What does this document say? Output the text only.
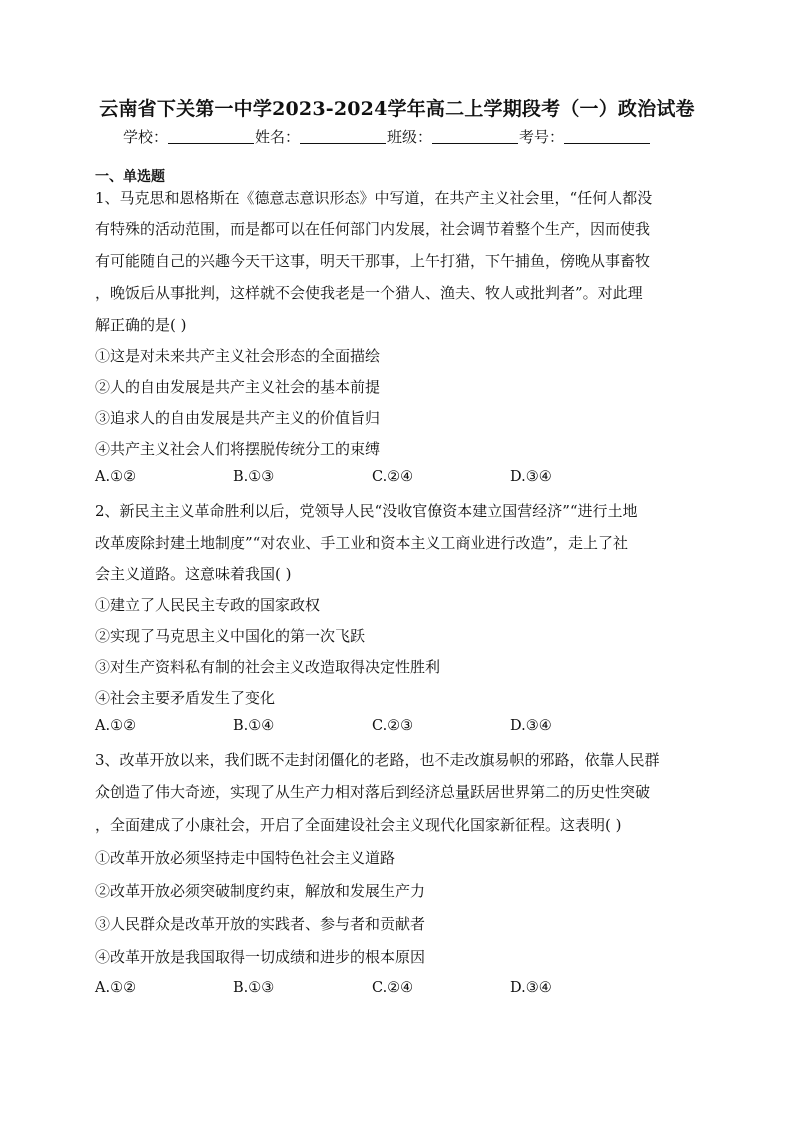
云南省下关第一中学2023-2024学年高二上学期段考（一）政治试卷
学校：	姓名：	班级：	考号：
一、单选题
1、马克思和恩格斯在《德意志意识形态》中写道，在共产主义社会里，“任何人都没
有特殊的活动范围，而是都可以在任何部门内发展，社会调节着整个生产，因而使我
有可能随自己的兴趣今天干这事，明天干那事，上午打猎，下午捕鱼，傍晚从事畜牧
，晚饭后从事批判，这样就不会使我老是一个猎人、渔夫、牧人或批判者”。对此理
解正确的是( )
①这是对未来共产主义社会形态的全面描绘
②人的自由发展是共产主义社会的基本前提
③追求人的自由发展是共产主义的价值旨归
④共产主义社会人们将摆脱传统分工的束缚
A.①②	B.①③	C.②④	D.③④
2、新民主主义革命胜利以后，党领导人民“没收官僚资本建立国营经济”“进行土地
改革废除封建土地制度”“对农业、手工业和资本主义工商业进行改造”，走上了社
会主义道路。这意味着我国( )
①建立了人民民主专政的国家政权
②实现了马克思主义中国化的第一次飞跃
③对生产资料私有制的社会主义改造取得决定性胜利
④社会主要矛盾发生了变化
A.①②	B.①④	C.②③	D.③④
3、改革开放以来，我们既不走封闭僵化的老路，也不走改旗易帜的邪路，依靠人民群
众创造了伟大奇迹，实现了从生产力相对落后到经济总量跃居世界第二的历史性突破
，全面建成了小康社会，开启了全面建设社会主义现代化国家新征程。这表明( )
①改革开放必须坚持走中国特色社会主义道路
②改革开放必须突破制度约束，解放和发展生产力
③人民群众是改革开放的实践者、参与者和贡献者
④改革开放是我国取得一切成绩和进步的根本原因
A.①②	B.①③	C.②④	D.③④
